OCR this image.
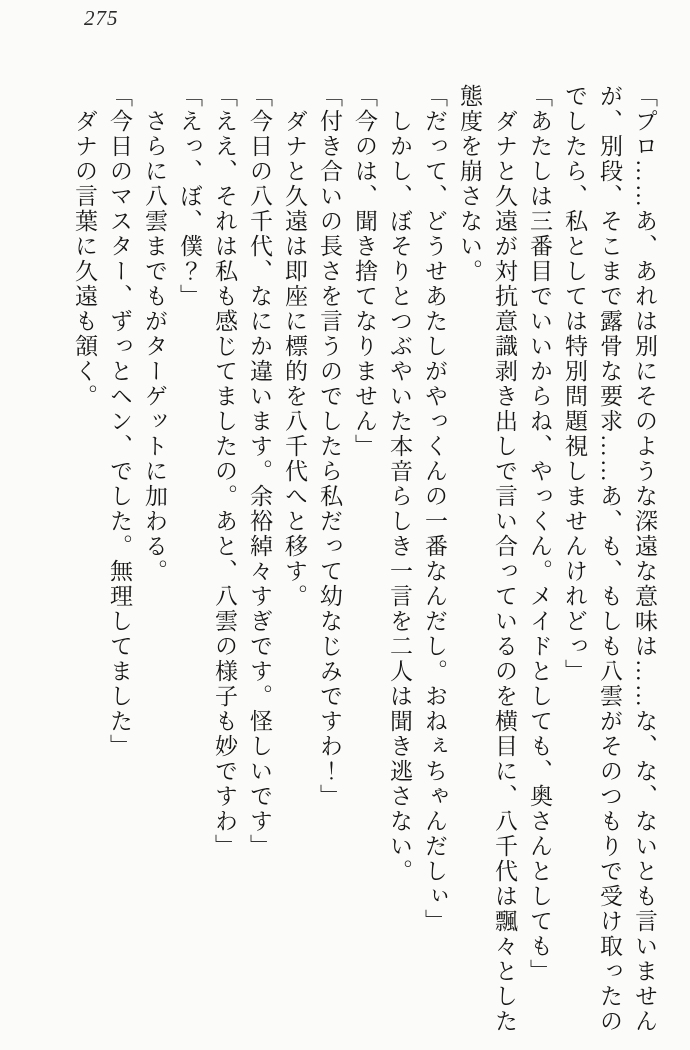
275

「プロ……あ、あれは別にそのような深遠な意味は……な、な、ないとも言いませんが、別段、そこまで露骨な要求……あ、も、もしも八雲がそのつもりで受け取ったのでしたら、私としては特別問題視しませんけれどっ」

「あたしは三番目でいいからね、やっくん。メイドとしても、奥さんとしても」

ダナと久遠が対抗意識剥き出しで言い合っているのを横目に、八千代は飄々とした態度を崩さない。

「だって、どうせあたしがやっくんの一番なんだし。おねぇちゃんだしぃ」

しかし、ぼそりとつぶやいた本音らしき一言を二人は聞き逃さない。

「今のは、聞き捨てなりません」

「付き合いの長さを言うのでしたら私だって幼なじみですわ！」

ダナと久遠は即座に標的を八千代へと移す。

「今日の八千代、なにか違います。余裕綽々すぎです。怪しいです」

「ええ、それは私も感じてましたの。あと、八雲の様子も妙ですわ」

「えっ、ぼ、僕？」

さらに八雲までもがターゲットに加わる。

「今日のマスター、ずっとヘン、でした。無理してました」

ダナの言葉に久遠も頷く。
